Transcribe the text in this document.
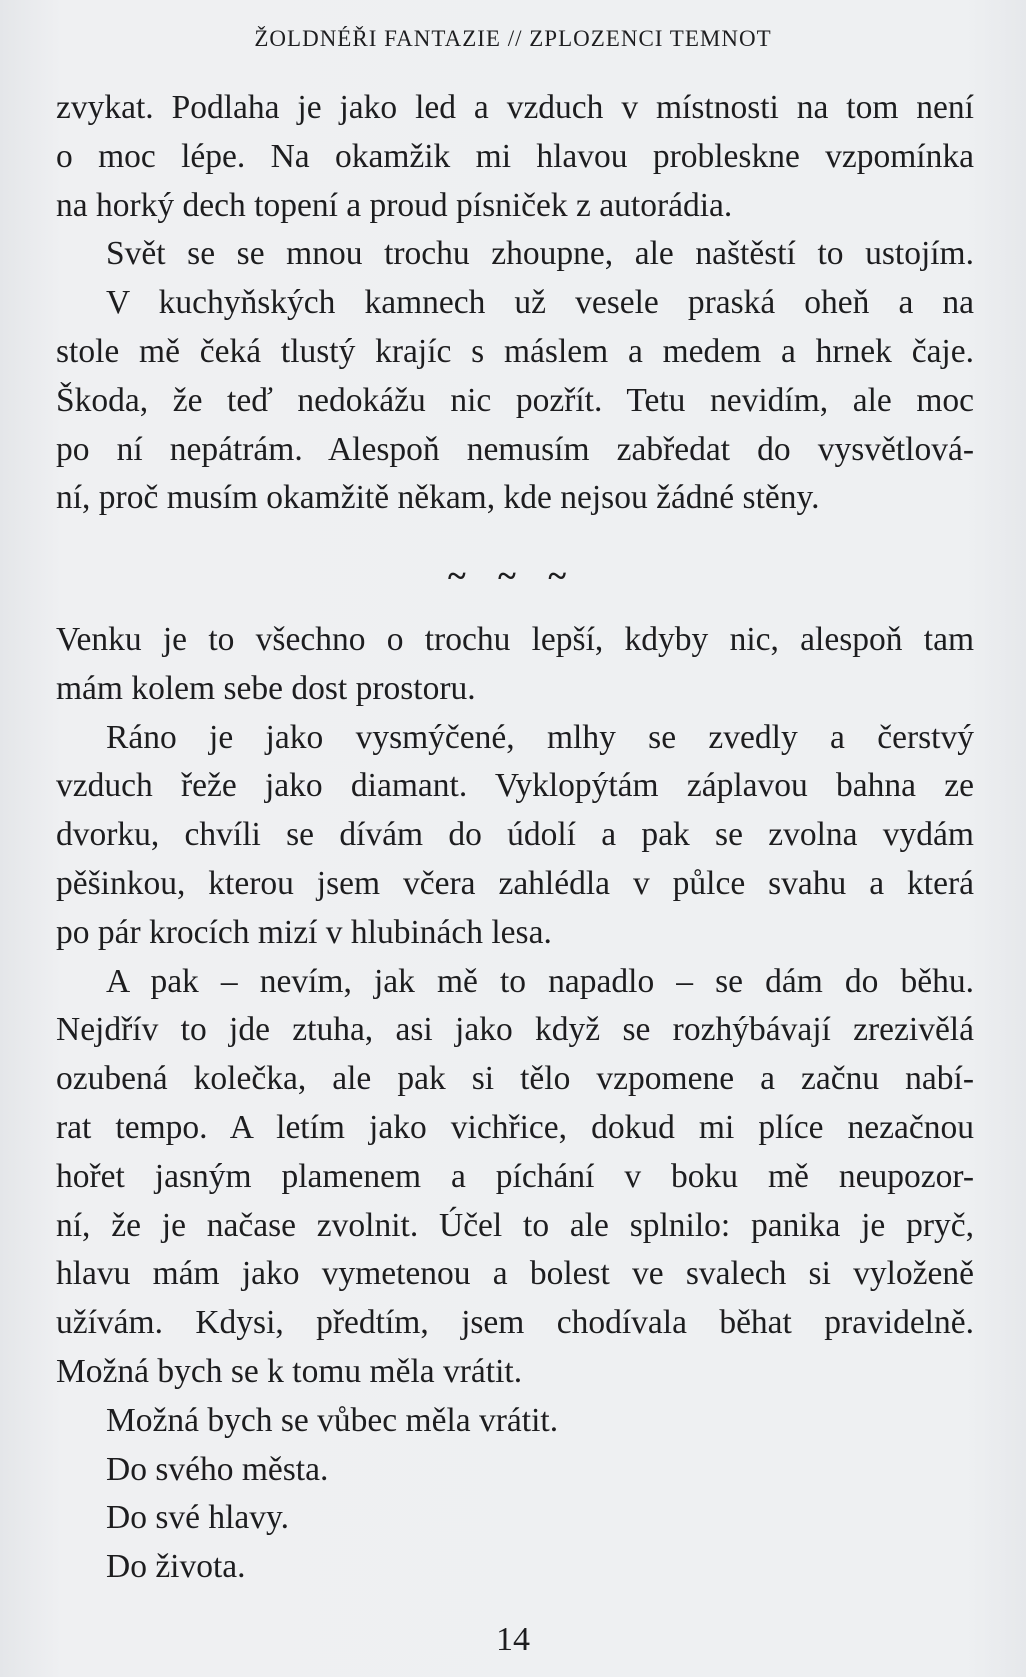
ŽOLDNÉŘI FANTAZIE // ZPLOZENCI TEMNOT
zvykat. Podlaha je jako led a vzduch v místnosti na tom není
o moc lépe. Na okamžik mi hlavou probleskne vzpomínka
na horký dech topení a proud písniček z autorádia.
Svět se se mnou trochu zhoupne, ale naštěstí to ustojím.
V kuchyňských kamnech už vesele praská oheň a na
stole mě čeká tlustý krajíc s máslem a medem a hrnek čaje.
Škoda, že teď nedokážu nic pozřít. Tetu nevidím, ale moc
po ní nepátrám. Alespoň nemusím zabředat do vysvětlová-
ní, proč musím okamžitě někam, kde nejsou žádné stěny.
~ ~ ~
Venku je to všechno o trochu lepší, kdyby nic, alespoň tam
mám kolem sebe dost prostoru.
Ráno je jako vysmýčené, mlhy se zvedly a čerstvý
vzduch řeže jako diamant. Vyklopýtám záplavou bahna ze
dvorku, chvíli se dívám do údolí a pak se zvolna vydám
pěšinkou, kterou jsem včera zahlédla v půlce svahu a která
po pár krocích mizí v hlubinách lesa.
A pak – nevím, jak mě to napadlo – se dám do běhu.
Nejdřív to jde ztuha, asi jako když se rozhýbávají zrezivělá
ozubená kolečka, ale pak si tělo vzpomene a začnu nabí-
rat tempo. A letím jako vichřice, dokud mi plíce nezačnou
hořet jasným plamenem a píchání v boku mě neupozor-
ní, že je načase zvolnit. Účel to ale splnilo: panika je pryč,
hlavu mám jako vymetenou a bolest ve svalech si vyloženě
užívám. Kdysi, předtím, jsem chodívala běhat pravidelně.
Možná bych se k tomu měla vrátit.
Možná bych se vůbec měla vrátit.
Do svého města.
Do své hlavy.
Do života.
14
